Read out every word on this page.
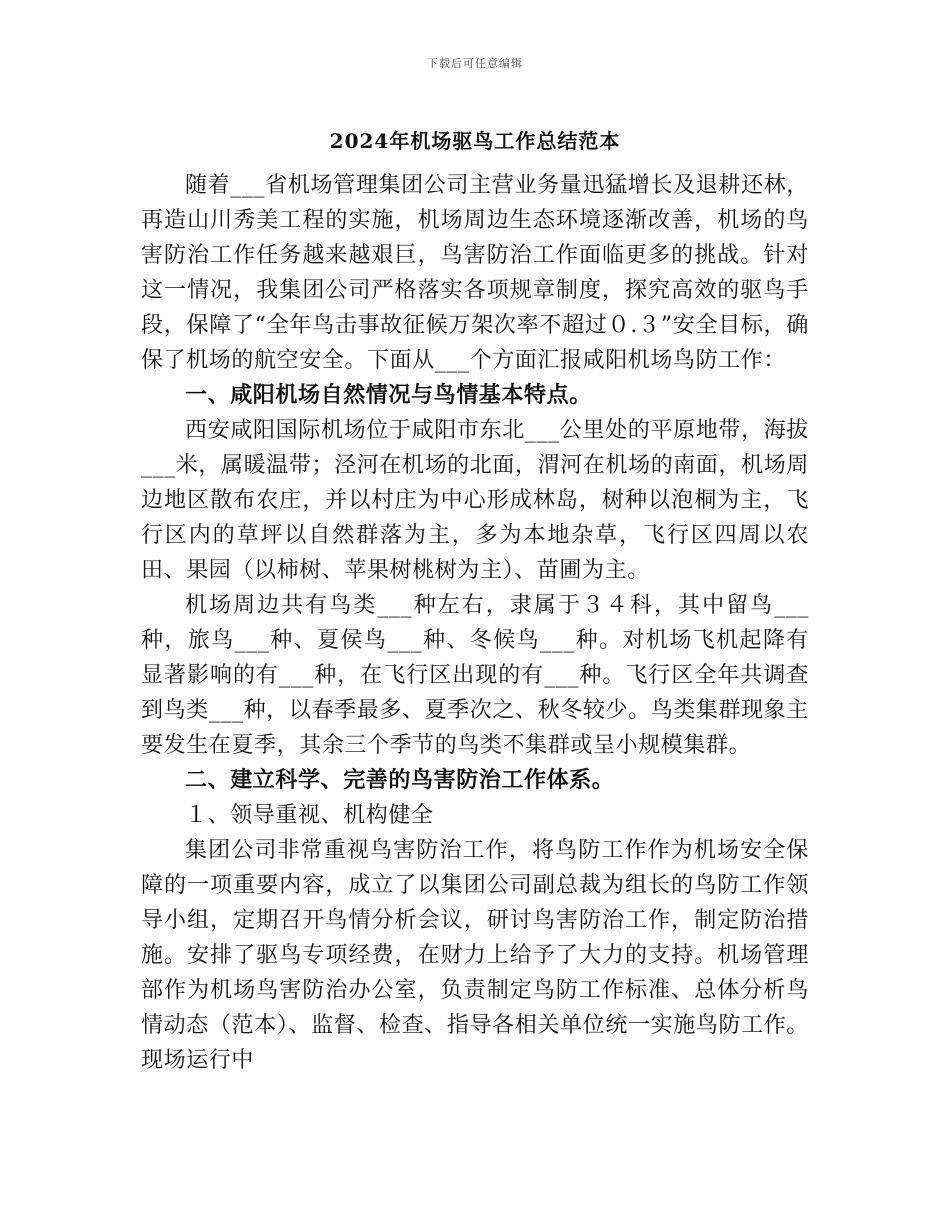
下载后可任意编辑
2024年机场驱鸟工作总结范本

随着___省机场管理集团公司主营业务量迅猛增长及退耕还林，再造山川秀美工程的实施，机场周边生态环境逐渐改善，机场的鸟害防治工作任务越来越艰巨，鸟害防治工作面临更多的挑战。针对这一情况，我集团公司严格落实各项规章制度，探究高效的驱鸟手段，保障了“全年鸟击事故征候万架次率不超过０.３”安全目标，确保了机场的航空安全。下面从___个方面汇报咸阳机场鸟防工作：

一、咸阳机场自然情况与鸟情基本特点。

西安咸阳国际机场位于咸阳市东北___公里处的平原地带，海拔___米，属暖温带；泾河在机场的北面，渭河在机场的南面，机场周边地区散布农庄，并以村庄为中心形成林岛，树种以泡桐为主，飞行区内的草坪以自然群落为主，多为本地杂草，飞行区四周以农田、果园（以柿树、苹果树桃树为主）、苗圃为主。

机场周边共有鸟类___种左右，隶属于３４科，其中留鸟___种，旅鸟___种、夏侯鸟___种、冬候鸟___种。对机场飞机起降有显著影响的有___种，在飞行区出现的有___种。飞行区全年共调查到鸟类___种，以春季最多、夏季次之、秋冬较少。鸟类集群现象主要发生在夏季，其余三个季节的鸟类不集群或呈小规模集群。

二、建立科学、完善的鸟害防治工作体系。

１、领导重视、机构健全

集团公司非常重视鸟害防治工作，将鸟防工作作为机场安全保障的一项重要内容，成立了以集团公司副总裁为组长的鸟防工作领导小组，定期召开鸟情分析会议，研讨鸟害防治工作，制定防治措施。安排了驱鸟专项经费，在财力上给予了大力的支持。机场管理部作为机场鸟害防治办公室，负责制定鸟防工作标准、总体分析鸟情动态（范本）、监督、检查、指导各相关单位统一实施鸟防工作。现场运行中
